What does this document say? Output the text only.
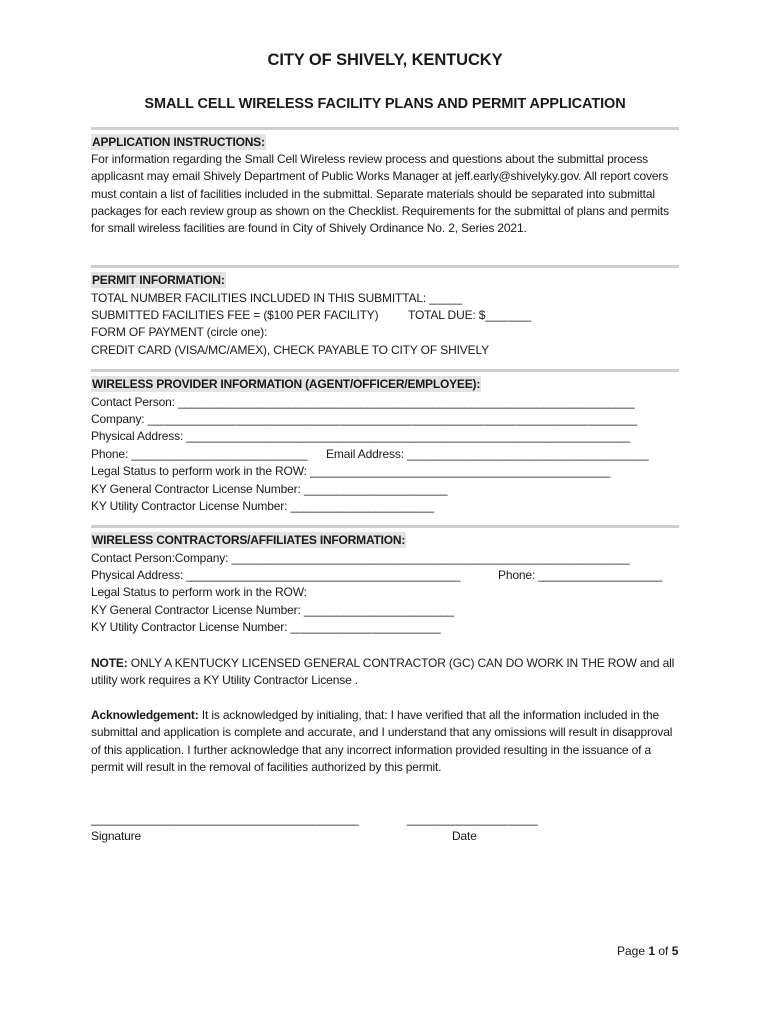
CITY OF SHIVELY, KENTUCKY
SMALL CELL WIRELESS FACILITY PLANS AND PERMIT APPLICATION
APPLICATION INSTRUCTIONS:

For information regarding the Small Cell Wireless review process and questions about the submittal process applicasnt may email Shively Department of Public Works Manager at jeff.early@shivelyky.gov. All report covers must contain a list of facilities included in the submittal. Separate materials should be separated into submittal packages for each review group as shown on the Checklist. Requirements for the submittal of plans and permits for small wireless facilities are found in City of Shively Ordinance No. 2, Series 2021.

PERMIT INFORMATION:
TOTAL NUMBER FACILITIES INCLUDED IN THIS SUBMITTAL: _____
SUBMITTED FACILITIES FEE = ($100 PER FACILITY) TOTAL DUE: $_______
FORM OF PAYMENT (circle one):
CREDIT CARD (VISA/MC/AMEX), CHECK PAYABLE TO CITY OF SHIVELY
WIRELESS PROVIDER INFORMATION (AGENT/OFFICER/EMPLOYEE):
Contact Person: ______________________________________________________________________
Company: ___________________________________________________________________________
Physical Address: ____________________________________________________________________
Phone: ___________________________ Email Address: _____________________________________
Legal Status to perform work in the ROW: ______________________________________________
KY General Contractor License Number: ______________________
KY Utility Contractor License Number: ______________________
WIRELESS CONTRACTORS/AFFILIATES INFORMATION:
Contact Person:Company: _____________________________________________________________
Physical Address: __________________________________________	Phone: ___________________
Legal Status to perform work in the ROW:
KY General Contractor License Number: _______________________
KY Utility Contractor License Number: _______________________

NOTE: ONLY A KENTUCKY LICENSED GENERAL CONTRACTOR (GC) CAN DO WORK IN THE ROW and all utility work requires a KY Utility Contractor License .

Acknowledgement: It is acknowledged by initialing, that: I have verified that all the information included in the submittal and application is complete and accurate, and I understand that any omissions will result in disapproval of this application. I further acknowledge that any incorrect information provided resulting in the issuance of a permit will result in the removal of facilities authorized by this permit.

_________________________________________	____________________
Signature	Date
Page 1 of 5
